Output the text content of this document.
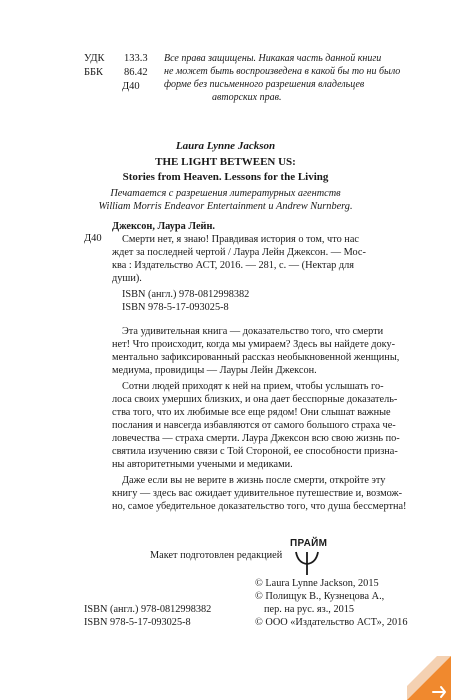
УДК 133.3
ББК 86.42
Д40
Все права защищены. Никакая часть данной книги
не может быть воспроизведена в какой бы то ни было
форме без письменного разрешения владельцев
авторских прав.
Laura Lynne Jackson
THE LIGHT BETWEEN US:
Stories from Heaven. Lessons for the Living
Печатается с разрешения литературных агентств
William Morris Endeavor Entertainment и Andrew Nurnberg.
Джексон, Лаура Лейн.
Д40 Смерти нет, я знаю! Правдивая история о том, что нас
ждет за последней чертой / Лаура Лейн Джексон. — Мос-
ква : Издательство АСТ, 2016. — 281, с. — (Нектар для
души).
ISBN (англ.) 978-0812998382
ISBN 978-5-17-093025-8
Эта удивительная книга — доказательство того, что смерти
нет! Что происходит, когда мы умираем? Здесь вы найдете доку-
ментально зафиксированный рассказ необыкновенной женщины,
медиума, провидицы — Лауры Лейн Джексон.
Сотни людей приходят к ней на прием, чтобы услышать го-
лоса своих умерших близких, и она дает бесспорные доказатель-
ства того, что их любимые все еще рядом! Они слышат важные
послания и навсегда избавляются от самого большого страха че-
ловечества — страха смерти. Лаура Джексон всю свою жизнь по-
святила изучению связи с Той Стороной, ее способности призна-
ны авторитетными учеными и медиками.
Даже если вы не верите в жизнь после смерти, откройте эту
книгу — здесь вас ожидает удивительное путешествие и, возмож-
но, самое убедительное доказательство того, что душа бессмертна!
Макет подготовлен редакцией
ПРАЙМ
ISBN (англ.) 978-0812998382
ISBN 978-5-17-093025-8
© Laura Lynne Jackson, 2015
© Полищук В., Кузнецова А.,
пер. на рус. яз., 2015
© ООО «Издательство АСТ», 2016
